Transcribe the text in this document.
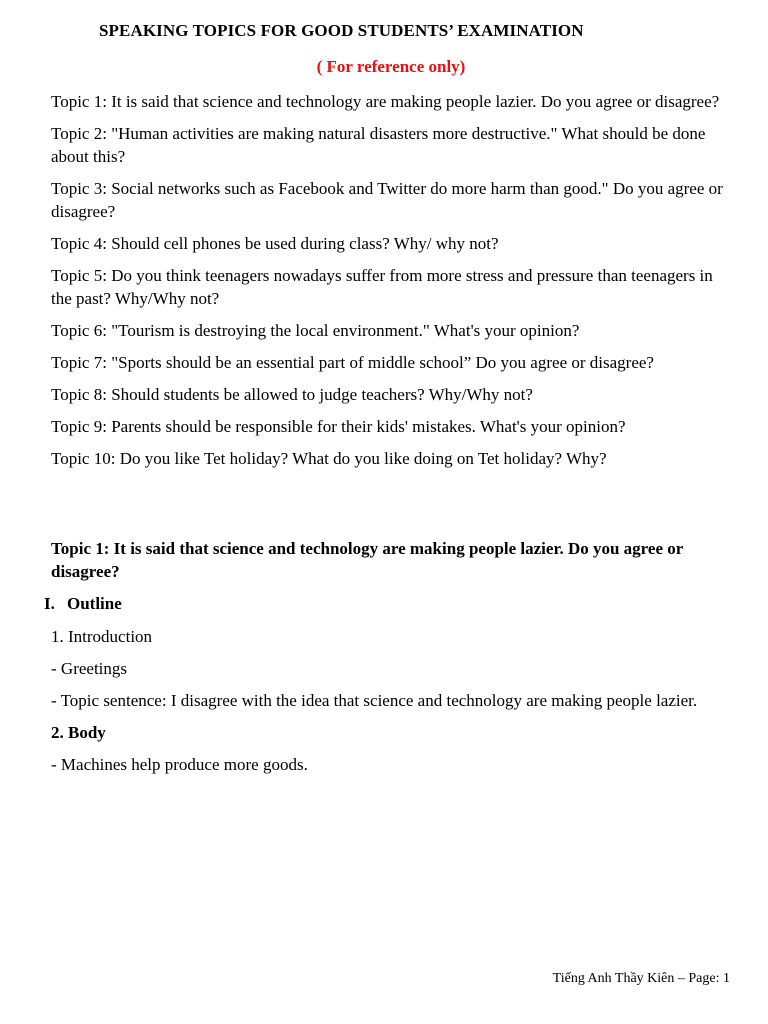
SPEAKING TOPICS FOR GOOD STUDENTS’ EXAMINATION
( For reference only)

Topic 1: It is said that science and technology are making people lazier. Do you agree or disagree?

Topic 2: "Human activities are making natural disasters more destructive." What should be done about this?

Topic 3: Social networks such as Facebook and Twitter do more harm than good." Do you agree or disagree?

Topic 4: Should cell phones be used during class? Why/ why not?

Topic 5: Do you think teenagers nowadays suffer from more stress and pressure than teenagers in the past? Why/Why not?

Topic 6: "Tourism is destroying the local environment." What's your opinion?

Topic 7: "Sports should be an essential part of middle school” Do you agree or disagree?

Topic 8: Should students be allowed to judge teachers? Why/Why not?

Topic 9: Parents should be responsible for their kids' mistakes. What's your opinion?

Topic 10: Do you like Tet holiday? What do you like doing on Tet holiday? Why?

Topic 1: It is said that science and technology are making people lazier. Do you agree or disagree?

I. Outline

1. Introduction

- Greetings

- Topic sentence: I disagree with the idea that science and technology are making people lazier.

2. Body

- Machines help produce more goods.

Tiếng Anh Thầy Kiên – Page: 1
